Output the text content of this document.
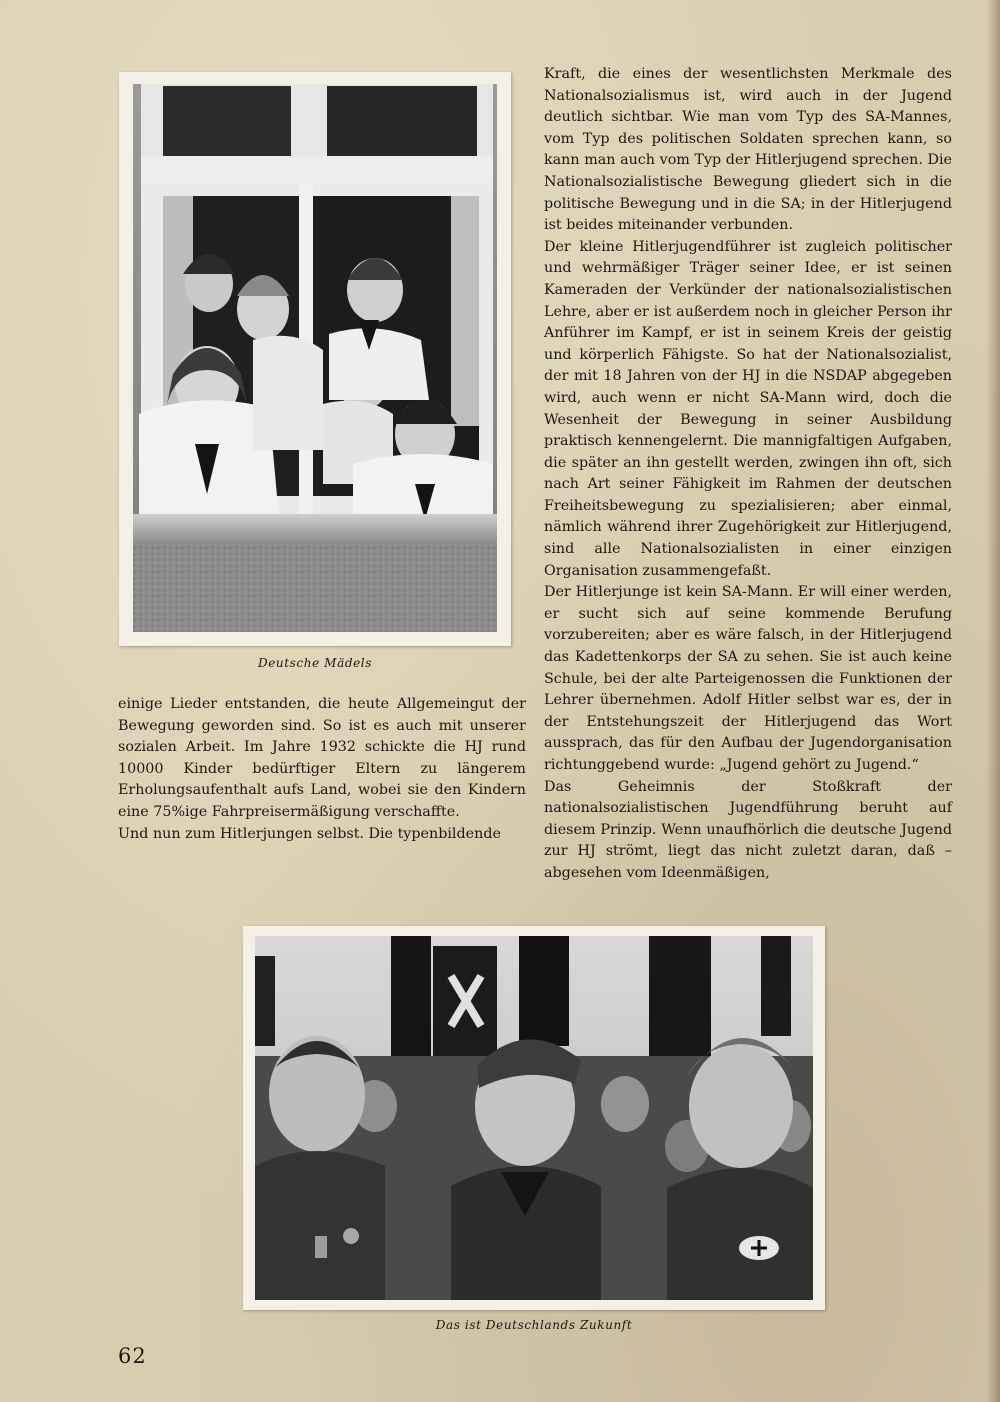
Deutsche Mädels

einige Lieder entstanden, die heute Allgemeingut der Bewegung geworden sind. So ist es auch mit unserer sozialen Arbeit. Im Jahre 1932 schickte die HJ rund 10000 Kinder bedürftiger Eltern zu längerem Erholungsaufenthalt aufs Land, wobei sie den Kindern eine 75%ige Fahrpreisermäßigung verschaffte.

Und nun zum Hitlerjungen selbst. Die typenbildende

Kraft, die eines der wesentlichsten Merkmale des Nationalsozialismus ist, wird auch in der Jugend deutlich sichtbar. Wie man vom Typ des SA-Mannes, vom Typ des politischen Soldaten sprechen kann, so kann man auch vom Typ der Hitlerjugend sprechen. Die Nationalsozialistische Bewegung gliedert sich in die politische Bewegung und in die SA; in der Hitlerjugend ist beides miteinander verbunden.

Der kleine Hitlerjugendführer ist zugleich politischer und wehrmäßiger Träger seiner Idee, er ist seinen Kameraden der Verkünder der nationalsozialistischen Lehre, aber er ist außerdem noch in gleicher Person ihr Anführer im Kampf, er ist in seinem Kreis der geistig und körperlich Fähigste. So hat der Nationalsozialist, der mit 18 Jahren von der HJ in die NSDAP abgegeben wird, auch wenn er nicht SA-Mann wird, doch die Wesenheit der Bewegung in seiner Ausbildung praktisch kennengelernt. Die mannigfaltigen Aufgaben, die später an ihn gestellt werden, zwingen ihn oft, sich nach Art seiner Fähigkeit im Rahmen der deutschen Freiheitsbewegung zu spezialisieren; aber einmal, nämlich während ihrer Zugehörigkeit zur Hitlerjugend, sind alle Nationalsozialisten in einer einzigen Organisation zusammengefaßt.

Der Hitlerjunge ist kein SA-Mann. Er will einer werden, er sucht sich auf seine kommende Berufung vorzubereiten; aber es wäre falsch, in der Hitlerjugend das Kadettenkorps der SA zu sehen. Sie ist auch keine Schule, bei der alte Parteigenossen die Funktionen der Lehrer übernehmen. Adolf Hitler selbst war es, der in der Entstehungszeit der Hitlerjugend das Wort aussprach, das für den Aufbau der Jugendorganisation richtunggebend wurde: „Jugend gehört zu Jugend.“

Das Geheimnis der Stoßkraft der nationalsozialistischen Jugendführung beruht auf diesem Prinzip. Wenn unaufhörlich die deutsche Jugend zur HJ strömt, liegt das nicht zuletzt daran, daß – abgesehen vom Ideenmäßigen,

Das ist Deutschlands Zukunft
62
